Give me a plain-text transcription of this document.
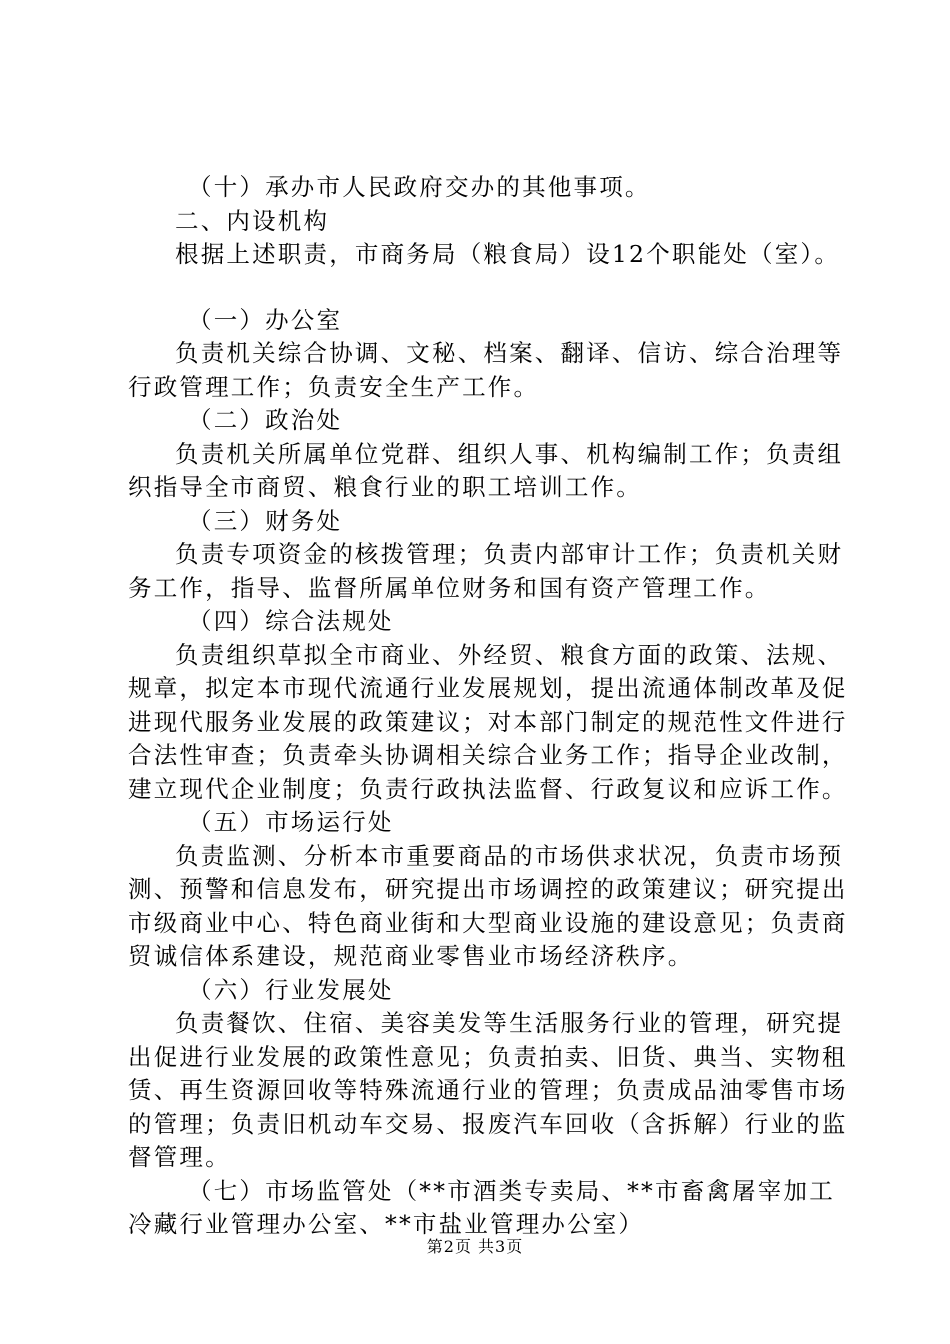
（十）承办市人民政府交办的其他事项。

二、内设机构

根据上述职责，市商务局（粮食局）设12个职能处（室）。

（一）办公室

负责机关综合协调、文秘、档案、翻译、信访、综合治理等行政管理工作；负责安全生产工作。

（二）政治处

负责机关所属单位党群、组织人事、机构编制工作；负责组织指导全市商贸、粮食行业的职工培训工作。

（三）财务处

负责专项资金的核拨管理；负责内部审计工作；负责机关财务工作，指导、监督所属单位财务和国有资产管理工作。

（四）综合法规处

负责组织草拟全市商业、外经贸、粮食方面的政策、法规、规章，拟定本市现代流通行业发展规划，提出流通体制改革及促进现代服务业发展的政策建议；对本部门制定的规范性文件进行合法性审查；负责牵头协调相关综合业务工作；指导企业改制，建立现代企业制度；负责行政执法监督、行政复议和应诉工作。

（五）市场运行处

负责监测、分析本市重要商品的市场供求状况，负责市场预测、预警和信息发布，研究提出市场调控的政策建议；研究提出市级商业中心、特色商业街和大型商业设施的建设意见；负责商贸诚信体系建设，规范商业零售业市场经济秩序。

（六）行业发展处

负责餐饮、住宿、美容美发等生活服务行业的管理，研究提出促进行业发展的政策性意见；负责拍卖、旧货、典当、实物租赁、再生资源回收等特殊流通行业的管理；负责成品油零售市场的管理；负责旧机动车交易、报废汽车回收（含拆解）行业的监督管理。

（七）市场监管处（**市酒类专卖局、**市畜禽屠宰加工冷藏行业管理办公室、**市盐业管理办公室）

第2页 共3页
